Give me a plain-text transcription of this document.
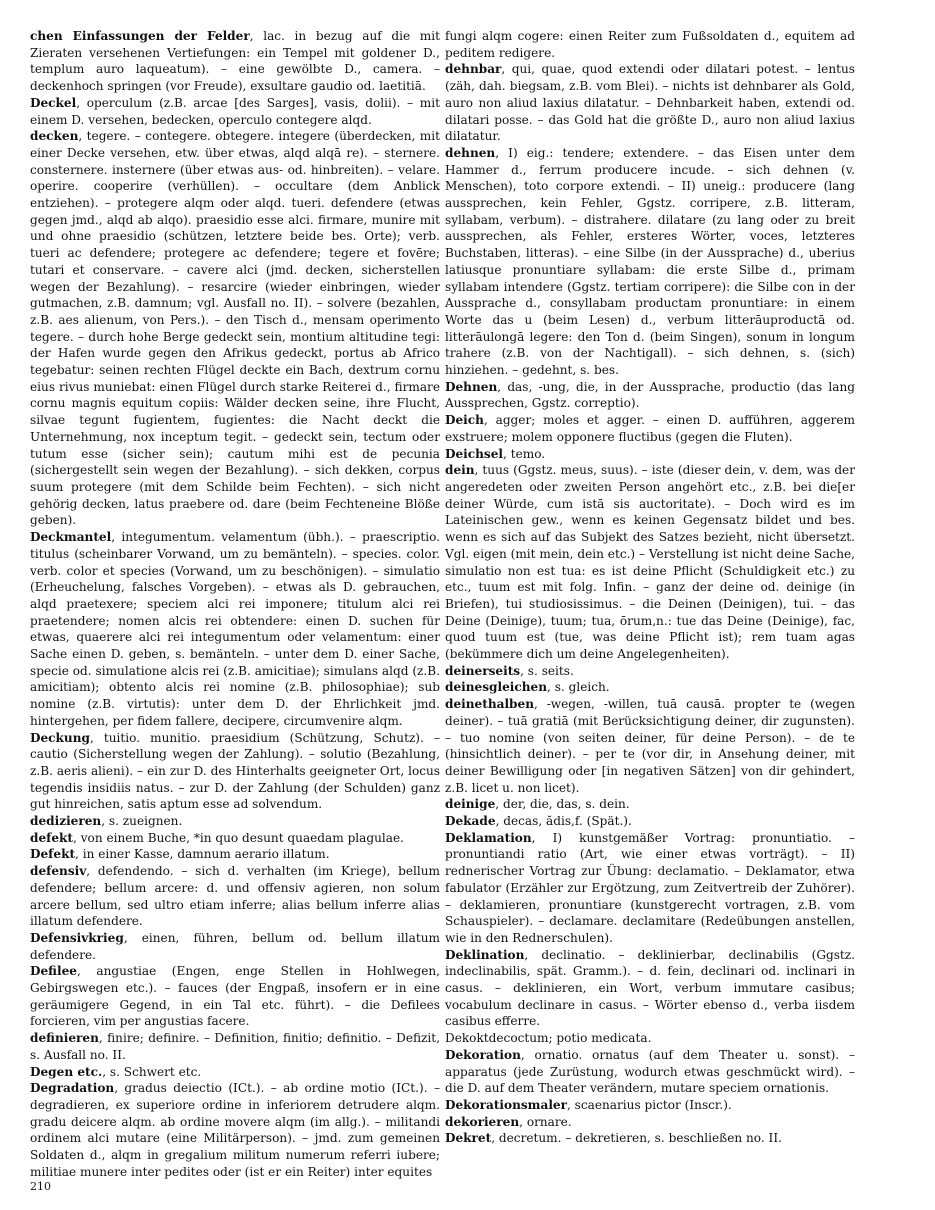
chen Einfassungen der Felder, lac. in bezug auf die mit Zieraten versehenen Vertiefungen: ein Tempel mit goldener D., templum auro laqueatum). – eine gewölbte D., camera. – deckenhoch springen (vor Freude), exsultare gaudio od. laetitiā.

Deckel, operculum (z.B. arcae [des Sarges], vasis, dolii). – mit einem D. versehen, bedecken, operculo contegere alqd.

decken, tegere. – contegere. obtegere. integere (überdecken, mit einer Decke versehen, etw. über etwas, alqd alqā re). – sternere. consternere. insternere (über etwas aus- od. hinbreiten). – velare. operire. cooperire (verhüllen). – occultare (dem Anblick entziehen). – protegere alqm oder alqd. tueri. defendere (etwas gegen jmd., alqd ab alqo). praesidio esse alci. firmare, munire mit und ohne praesidio (schützen, letztere beide bes. Orte); verb. tueri ac defendere; protegere ac defendere; tegere et fovēre; tutari et conservare. – cavere alci (jmd. decken, sicherstellen wegen der Bezahlung). – resarcire (wieder einbringen, wieder gutmachen, z.B. damnum; vgl. Ausfall no. II). – solvere (bezahlen, z.B. aes alienum, von Pers.). – den Tisch d., mensam operimento tegere. – durch hohe Berge gedeckt sein, montium altitudine tegi: der Hafen wurde gegen den Afrikus gedeckt, portus ab Africo tegebatur: seinen rechten Flügel deckte ein Bach, dextrum cornu eius rivus muniebat: einen Flügel durch starke Reiterei d., firmare cornu magnis equitum copiis: Wälder decken seine, ihre Flucht, silvae tegunt fugientem, fugientes: die Nacht deckt die Unternehmung, nox inceptum tegit. – gedeckt sein, tectum oder tutum esse (sicher sein); cautum mihi est de pecunia (sichergestellt sein wegen der Bezahlung). – sich dekken, corpus suum protegere (mit dem Schilde beim Fechten). – sich nicht gehörig decken, latus praebere od. dare (beim Fechteneine Blöße geben).

Deckmantel, integumentum. velamentum (übh.). – praescriptio. titulus (scheinbarer Vorwand, um zu bemänteln). – species. color. verb. color et species (Vorwand, um zu beschönigen). – simulatio (Erheuchelung, falsches Vorgeben). – etwas als D. gebrauchen, alqd praetexere; speciem alci rei imponere; titulum alci rei praetendere; nomen alcis rei obtendere: einen D. suchen für etwas, quaerere alci rei integumentum oder velamentum: einer Sache einen D. geben, s. bemänteln. – unter dem D. einer Sache, specie od. simulatione alcis rei (z.B. amicitiae); simulans alqd (z.B. amicitiam); obtento alcis rei nomine (z.B. philosophiae); sub nomine (z.B. virtutis): unter dem D. der Ehrlichkeit jmd. hintergehen, per fidem fallere, decipere, circumvenire alqm.

Deckung, tuitio. munitio. praesidium (Schützung, Schutz). – cautio (Sicherstellung wegen der Zahlung). – solutio (Bezahlung, z.B. aeris alieni). – ein zur D. des Hinterhalts geeigneter Ort, locus tegendis insidiis natus. – zur D. der Zahlung (der Schulden) ganz gut hinreichen, satis aptum esse ad solvendum.

dedizieren, s. zueignen.

defekt, von einem Buche, *in quo desunt quaedam plagulae.

Defekt, in einer Kasse, damnum aerario illatum.

defensiv, defendendo. – sich d. verhalten (im Kriege), bellum defendere; bellum arcere: d. und offensiv agieren, non solum arcere bellum, sed ultro etiam inferre; alias bellum inferre alias illatum defendere.

Defensivkrieg, einen, führen, bellum od. bellum illatum defendere.

Defilee, angustiae (Engen, enge Stellen in Hohlwegen, Gebirgswegen etc.). – fauces (der Engpaß, insofern er in eine geräumigere Gegend, in ein Tal etc. führt). – die Defilees forcieren, vim per angustias facere.

definieren, finire; definire. – Definition, finitio; definitio. – Defizit, s. Ausfall no. II.

Degen etc., s. Schwert etc.

Degradation, gradus deiectio (ICt.). – ab ordine motio (ICt.). – degradieren, ex superiore ordine in inferiorem detrudere alqm. gradu deicere alqm. ab ordine movere alqm (im allg.). – militandi ordinem alci mutare (eine Militärperson). – jmd. zum gemeinen Soldaten d., alqm in gregalium militum numerum referri iubere; militiae munere inter pedites oder (ist er ein Reiter) inter equites

fungi alqm cogere: einen Reiter zum Fußsoldaten d., equitem ad peditem redigere.

dehnbar, qui, quae, quod extendi oder dilatari potest. – lentus (zäh, dah. biegsam, z.B. vom Blei). – nichts ist dehnbarer als Gold, auro non aliud laxius dilatatur. – Dehnbarkeit haben, extendi od. dilatari posse. – das Gold hat die größte D., auro non aliud laxius dilatatur.

dehnen, I) eig.: tendere; extendere. – das Eisen unter dem Hammer d., ferrum producere incude. – sich dehnen (v. Menschen), toto corpore extendi. – II) uneig.: producere (lang aussprechen, kein Fehler, Ggstz. corripere, z.B. litteram, syllabam, verbum). – distrahere. dilatare (zu lang oder zu breit aussprechen, als Fehler, ersteres Wörter, voces, letzteres Buchstaben, litteras). – eine Silbe (in der Aussprache) d., uberius latiusque pronuntiare syllabam: die erste Silbe d., primam syllabam intendere (Ggstz. tertiam corripere): die Silbe con in der Aussprache d., consyllabam productam pronuntiare: in einem Worte das u (beim Lesen) d., verbum litterāuproductā od. litterāulongā legere: den Ton d. (beim Singen), sonum in longum trahere (z.B. von der Nachtigall). – sich dehnen, s. (sich) hinziehen. – gedehnt, s. bes.

Dehnen, das, -ung, die, in der Aussprache, productio (das lang Aussprechen, Ggstz. correptio).

Deich, agger; moles et agger. – einen D. aufführen, aggerem exstruere; molem opponere fluctibus (gegen die Fluten).

Deichsel, temo.

dein, tuus (Ggstz. meus, suus). – iste (dieser dein, v. dem, was der angeredeten oder zweiten Person angehört etc., z.B. bei die[er deiner Würde, cum istā sis auctoritate). – Doch wird es im Lateinischen gew., wenn es keinen Gegensatz bildet und bes. wenn es sich auf das Subjekt des Satzes bezieht, nicht übersetzt. Vgl. eigen (mit mein, dein etc.) – Verstellung ist nicht deine Sache, simulatio non est tua: es ist deine Pflicht (Schuldigkeit etc.) zu etc., tuum est mit folg. Infin. – ganz der deine od. deinige (in Briefen), tui studiosissimus. – die Deinen (Deinigen), tui. – das Deine (Deinige), tuum; tua, ōrum,n.: tue das Deine (Deinige), fac, quod tuum est (tue, was deine Pflicht ist); rem tuam agas (bekümmere dich um deine Angelegenheiten).

deinerseits, s. seits.

deinesgleichen, s. gleich.

deinethalben, -wegen, -willen, tuā causā. propter te (wegen deiner). – tuā gratiā (mit Berücksichtigung deiner, dir zugunsten). – tuo nomine (von seiten deiner, für deine Person). – de te (hinsichtlich deiner). – per te (vor dir, in Ansehung deiner, mit deiner Bewilligung oder [in negativen Sätzen] von dir gehindert, z.B. licet u. non licet).

deinige, der, die, das, s. dein.

Dekade, decas, ădis,f. (Spät.).

Deklamation, I) kunstgemäßer Vortrag: pronuntiatio. – pronuntiandi ratio (Art, wie einer etwas vorträgt). – II) rednerischer Vortrag zur Übung: declamatio. – Deklamator, etwa fabulator (Erzähler zur Ergötzung, zum Zeitvertreib der Zuhörer). – deklamieren, pronuntiare (kunstgerecht vortragen, z.B. vom Schauspieler). – declamare. declamitare (Redeübungen anstellen, wie in den Rednerschulen).

Deklination, declinatio. – deklinierbar, declinabilis (Ggstz. indeclinabilis, spät. Gramm.). – d. fein, declinari od. inclinari in casus. – deklinieren, ein Wort, verbum immutare casibus; vocabulum declinare in casus. – Wörter ebenso d., verba iisdem casibus efferre.

Dekoktdecoctum; potio medicata.

Dekoration, ornatio. ornatus (auf dem Theater u. sonst). – apparatus (jede Zurüstung, wodurch etwas geschmückt wird). – die D. auf dem Theater verändern, mutare speciem ornationis.

Dekorationsmaler, scaenarius pictor (Inscr.).

dekorieren, ornare.

Dekret, decretum. – dekretieren, s. beschließen no. II.

210
